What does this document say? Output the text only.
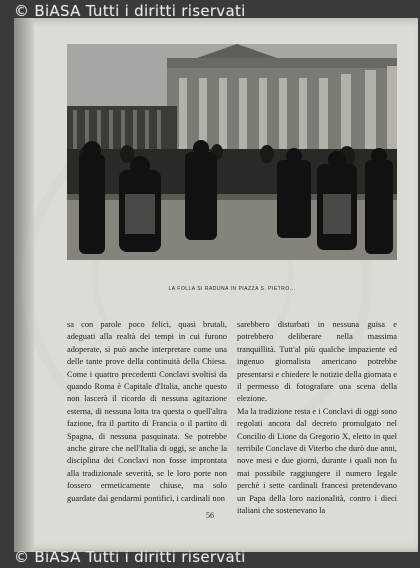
© BiASA Tutti i diritti riservati
LA FOLLA SI RADUNA IN PIAZZA S. PIETRO...

sa con parole poco felici, quasi brutali, adeguati alla realtà dei tempi in cui furono adoperate, si può anche interpretare come una delle tante prove della continuità della Chiesa. Come i quattro precedenti Conclavi svoltisi da quando Roma è Capitale d'Italia, anche questo non lascerà il ricordo di nessuna agitazione esterna, di nessuna lotta tra questa o quell'altra fazione, fra il partito di Francia o il partito di Spagna, di nessuna pasquinata. Se potrebbe anche girare che nell'Italia di oggi, se anche la disciplina dei Conclavi non fosse improntata alla tradizionale severità, se le loro porte non fossero ermeticamente chiuse, ma solo guardate dai gendarmi pontifici, i cardinali non

sarebbero disturbati in nessuna guisa e potrebbero deliberare nella massima tranquillità. Tutt'al più qualche impaziente ed ingenuo giornalista americano potrebbe presentarsi e chiedere le notizie della giornata e il permesso di fotografare una scena della elezione.

Ma la tradizione resta e i Conclavi di oggi sono regolati ancora dal decreto promulgato nel Concilio di Lione da Gregorio X, eletto in quel terribile Conclave di Viterbo che durò due anni, nove mesi e due giorni, durante i quali non fu mai possibile raggiungere il numero legale perchè i sette cardinali francesi pretendevano un Papa della loro nazionalità, contro i dieci italiani che sostenevano la

56
© BiASA Tutti i diritti riservati
